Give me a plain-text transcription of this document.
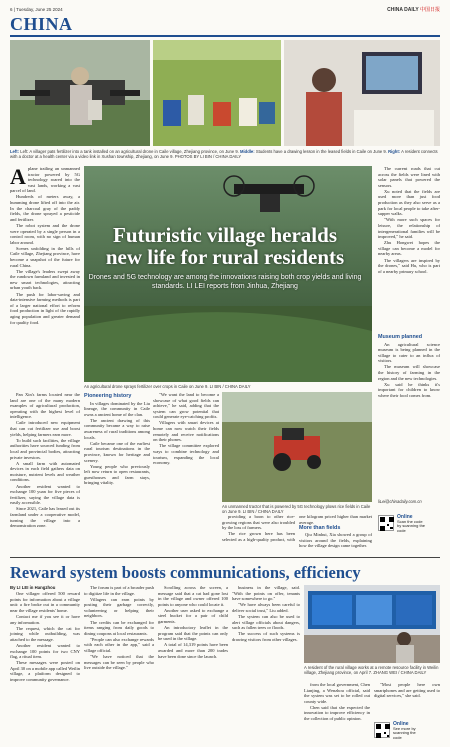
6 | Tuesday, June 25 2024	CHINA DAILY 中国日报
CHINA
Left: Left: A villager pats fertilizer into a tank installed on an agricultural drone in Caile village, Zhejiang province, on June 9. Middle: Students have a drawing lesson in the leased fields in Caile on June 9. Right: A resident connects with a doctor at a health center via a video link in Xushan township, Zhejiang, on June 9. PHOTOS BY LI BIN / CHINA DAILY

Aplane trailing an unmanned tractor powered by 5G technology roared into the vast lands, working a vast parcel of land.

Hundreds of meters away, a humming drone lifted off into the air. In the charcoal gray of the paddy fields, the drone sprayed a pesticide and fertilizer.

The robot system and the drone were operated by a single person in a control room, with no sign of human labor around.

Scenes unfolding in the hills of Caile village, Zhejiang province, have become a snapshot of the future for rural China.

The village's leaders swept away the rundown farmland and invested in new smart technologies, attracting urban youth back.

The push for labor-saving and data-intensive farming methods is part of a larger national effort to reform food production in light of the rapidly aging population and greater demand for quality food.

Futuristic village heralds new life for rural residents
Drones and 5G technology are among the innovations raising both crop yields and living standards. LI LEI reports from Jinhua, Zhejiang
An agricultural drone sprays fertilizer over crops in Caile on June 9. LI BIN / CHINA DAILY

The current roads that cut across the fields were lined with solar panels that powered the sensors.

Xu noted that the fields are used more than just food production as they also serve as a park for local people to take after-supper walks.

"With more such spaces for leisure, the relationship of intergenerational families will be improved," he said.

Zhu Hongwei hopes the village can become a model for nearby areas.

The villagers are inspired by the drones," said Hu, who is part of a nearby primary school.

Museum planned

An agricultural science museum is being planned in the village to cater to an influx of visitors.

The museum will showcase the history of farming in the region and the new technologies.

Xu said he thinks it's important for children to know where their food comes from.

Pan Xin's farms located near the land are one of the many modern examples of agricultural production, operating with the highest level of intelligence.

Caile introduced new equipment that can cut fertilizer use and boost yields, helping farmers earn more.

To build such facilities, the village authorities have sourced funding from local and provincial bodies, attracting private investors.

A small farm with automated devices in each field gathers data on moisture, nutrient levels and weather conditions.

Another resident wanted to exchange 100 yuan for five pieces of fertilizer, saying the village data is easily accessible.

Since 2021, Caile has leased out its farmland under a cooperative model, turning the village into a demonstration zone.

Pioneering history

In villages dominated by the Liu lineage, the community in Caile owns a ancient home of the clan.

The ancient drawing of this community became a way to raise awareness of rural traditions among locals.

Caile became one of the earliest rural tourism destinations in the province, known for heritage and scenery.

Young people who previously left now return to open restaurants, guesthouses and farm stays, bringing vitality.

"We want the land to become a showcase of what good fields can achieve," he said, adding that the system can grow potential that could generate eye-catching profits.

Villagers with smart devices at home can now watch their fields remotely and receive notifications on their phones.

The village committee explored ways to combine technology and tourism, expanding the local economy.

An unmanned tractor that is powered by 5G technology plows rice fields in Caile on June 9. LI BIN / CHINA DAILY

providing a boon to other rice-growing regions that were also troubled by the loss of farmers.

The rice grown here has been selected as a high-quality product, with one kilogram priced higher than market average.

More than fields

Qiu Minhui, Xia showed a group of visitors around the fields, explaining how the village design came together.

liLei@chinadaily.com.cn
Online
Scan the code
by scanning the
code
Reward system boosts communications, efficiency

By LI LEI in Hangzhou

One villager offered 500 reward points for information about a village unit: a fire broke out in a community near the village residents' home.

Contact me if you see it or have any information.

The request, which the cat for joining while outbuilding, was attached to the message.

Another resident wanted to exchange 100 points for two CNY flag, a ritual item.

These messages were posted on April 30 on a mobile app called Weilin village, a platform designed to improve community governance.

The forum is part of a broader push to digitize life in the village.

Villagers can earn points by posting their garbage correctly, volunteering or helping their neighbors.

The credits can be exchanged for items ranging from daily goods to dining coupons at local restaurants.

"People can also exchange rewards with each other in the app," said a village official.

"We have noticed that the messages can be seen by people who live outside the village."

Scrolling across the screen, a message said that a cat had gone lost in the village and owner offered 100 points to anyone who could locate it.

Another user asked to exchange a steel bucket for a pair of child garments.

An introductory leaflet in the program said that the points can only be used in the village.

A total of 14,319 points have been awarded and more than 200 trades have been done since the launch.

business in the village, said. "With the points on offer, tenants have somewhere to go."

"We have always been careful to deliver social trust," Liu added.

The system can also be used to alert village officials about dangers, such as fallen trees or floods.

The success of such systems is drawing visitors from other villages.

A resident of the rural village works at a remote resource facility in Weilin village, Zhejiang province, on April 7. ZHANG WEI / CHINA DAILY

from the local government, Chen Lianjing, a Wenzhou official, said the system was set to be rolled out county wide.

Chen said that she expected the innovation to improve efficiency in the collection of public opinion.

"Most people here own smartphones and are getting used to digital services," she said.

Online
See more by
scanning the
code
